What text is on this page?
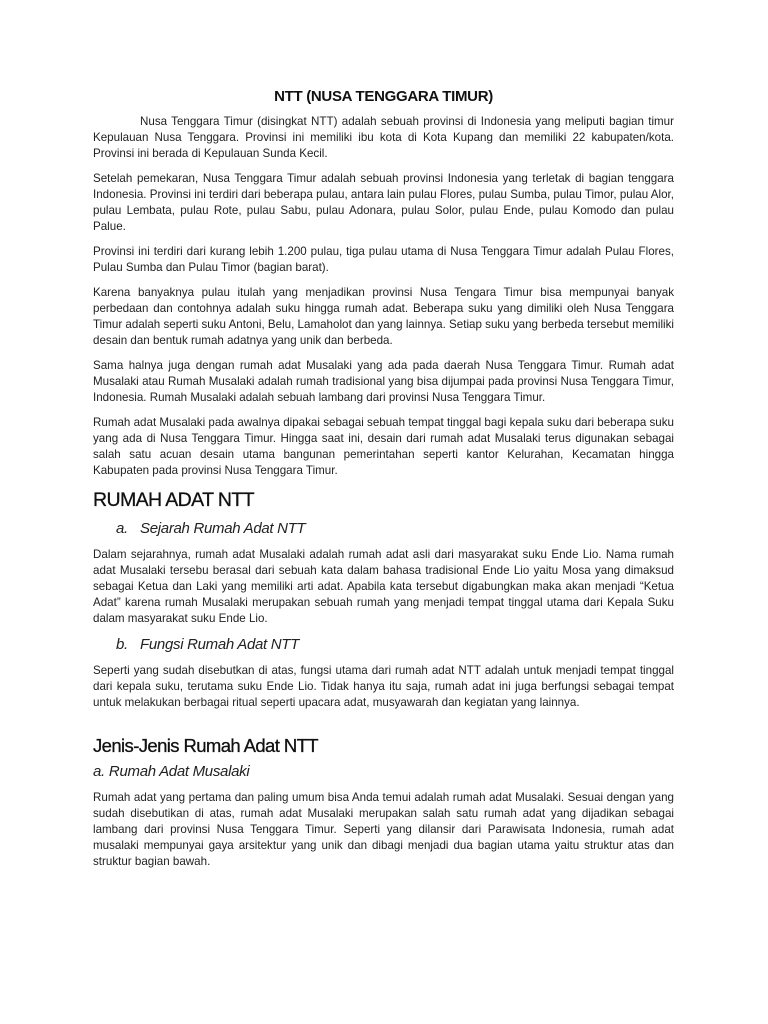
NTT (NUSA TENGGARA TIMUR)

Nusa Tenggara Timur (disingkat NTT) adalah sebuah provinsi di Indonesia yang meliputi bagian timur Kepulauan Nusa Tenggara. Provinsi ini memiliki ibu kota di Kota Kupang dan memiliki 22 kabupaten/kota. Provinsi ini berada di Kepulauan Sunda Kecil.

Setelah pemekaran, Nusa Tenggara Timur adalah sebuah provinsi Indonesia yang terletak di bagian tenggara Indonesia. Provinsi ini terdiri dari beberapa pulau, antara lain pulau Flores, pulau Sumba, pulau Timor, pulau Alor, pulau Lembata, pulau Rote, pulau Sabu, pulau Adonara, pulau Solor, pulau Ende, pulau Komodo dan pulau Palue.

Provinsi ini terdiri dari kurang lebih 1.200 pulau, tiga pulau utama di Nusa Tenggara Timur adalah Pulau Flores, Pulau Sumba dan Pulau Timor (bagian barat).

Karena banyaknya pulau itulah yang menjadikan provinsi Nusa Tengara Timur bisa mempunyai banyak perbedaan dan contohnya adalah suku hingga rumah adat. Beberapa suku yang dimiliki oleh Nusa Tenggara Timur adalah seperti suku Antoni, Belu, Lamaholot dan yang lainnya. Setiap suku yang berbeda tersebut memiliki desain dan bentuk rumah adatnya yang unik dan berbeda.

Sama halnya juga dengan rumah adat Musalaki yang ada pada daerah Nusa Tenggara Timur. Rumah adat Musalaki atau Rumah Musalaki adalah rumah tradisional yang bisa dijumpai pada provinsi Nusa Tenggara Timur, Indonesia. Rumah Musalaki adalah sebuah lambang dari provinsi Nusa Tenggara Timur.

Rumah adat Musalaki pada awalnya dipakai sebagai sebuah tempat tinggal bagi kepala suku dari beberapa suku yang ada di Nusa Tenggara Timur. Hingga saat ini, desain dari rumah adat Musalaki terus digunakan sebagai salah satu acuan desain utama bangunan pemerintahan seperti kantor Kelurahan, Kecamatan hingga Kabupaten pada provinsi Nusa Tenggara Timur.

RUMAH ADAT NTT
a. Sejarah Rumah Adat NTT

Dalam sejarahnya, rumah adat Musalaki adalah rumah adat asli dari masyarakat suku Ende Lio. Nama rumah adat Musalaki tersebu berasal dari sebuah kata dalam bahasa tradisional Ende Lio yaitu Mosa yang dimaksud sebagai Ketua dan Laki yang memiliki arti adat. Apabila kata tersebut digabungkan maka akan menjadi “Ketua Adat” karena rumah Musalaki merupakan sebuah rumah yang menjadi tempat tinggal utama dari Kepala Suku dalam masyarakat suku Ende Lio.

b. Fungsi Rumah Adat NTT

Seperti yang sudah disebutkan di atas, fungsi utama dari rumah adat NTT adalah untuk menjadi tempat tinggal dari kepala suku, terutama suku Ende Lio. Tidak hanya itu saja, rumah adat ini juga berfungsi sebagai tempat untuk melakukan berbagai ritual seperti upacara adat, musyawarah dan kegiatan yang lainnya.

Jenis-Jenis Rumah Adat NTT
a. Rumah Adat Musalaki

Rumah adat yang pertama dan paling umum bisa Anda temui adalah rumah adat Musalaki. Sesuai dengan yang sudah disebutikan di atas, rumah adat Musalaki merupakan salah satu rumah adat yang dijadikan sebagai lambang dari provinsi Nusa Tenggara Timur. Seperti yang dilansir dari Parawisata Indonesia, rumah adat musalaki mempunyai gaya arsitektur yang unik dan dibagi menjadi dua bagian utama yaitu struktur atas dan struktur bagian bawah.
